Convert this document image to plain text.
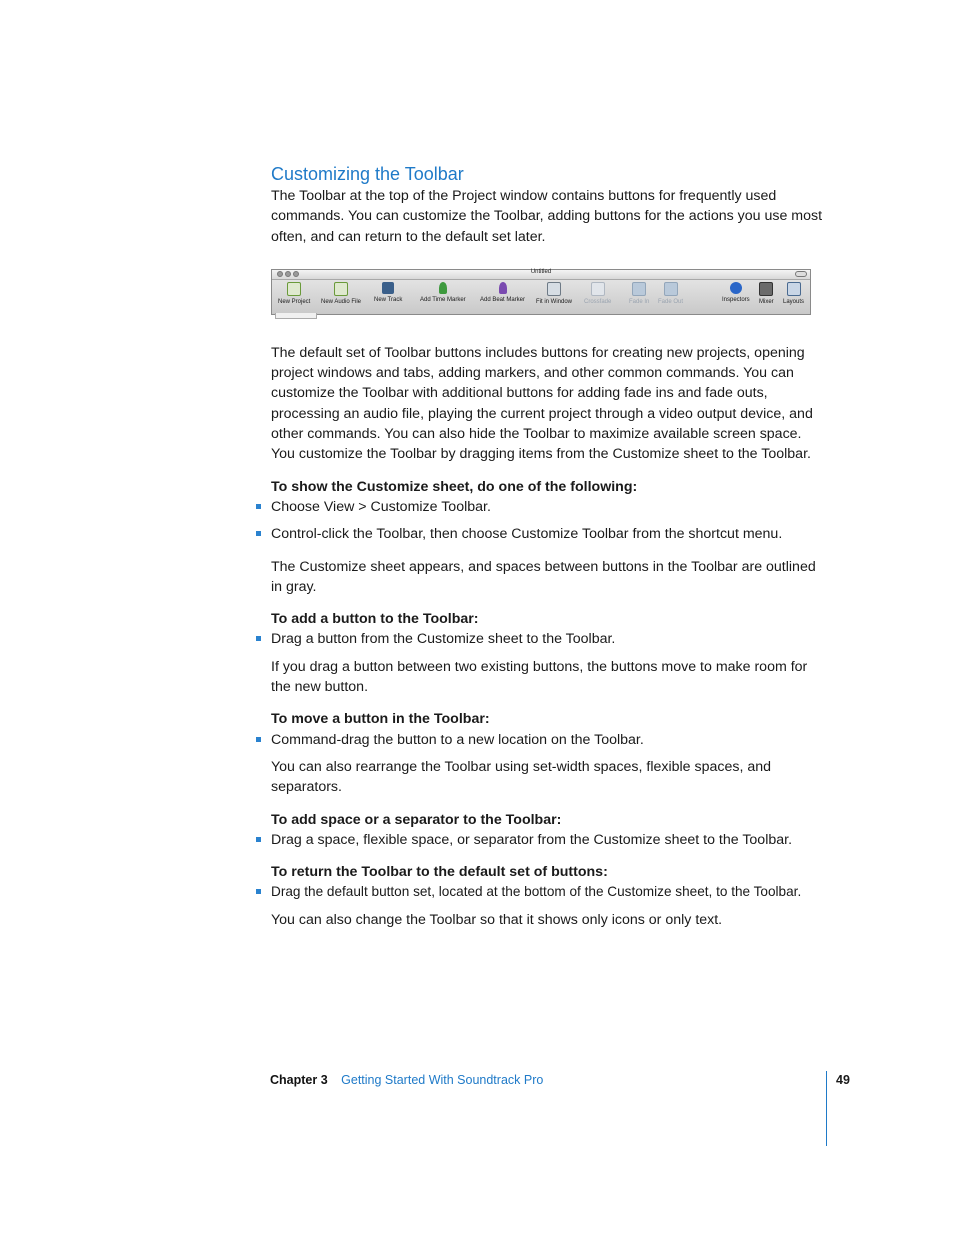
Customizing the Toolbar

The Toolbar at the top of the Project window contains buttons for frequently used commands. You can customize the Toolbar, adding buttons for the actions you use most often, and can return to the default set later.

Untitled
New Project New Audio File New Track	Add Time Marker Add Beat Marker Fit in Window Crossfade	Fade In Fade Out	Inspectors Mixer Layouts

The default set of Toolbar buttons includes buttons for creating new projects, opening project windows and tabs, adding markers, and other common commands. You can customize the Toolbar with additional buttons for adding fade ins and fade outs, processing an audio file, playing the current project through a video output device, and other commands. You can also hide the Toolbar to maximize available screen space. You customize the Toolbar by dragging items from the Customize sheet to the Toolbar.

To show the Customize sheet, do one of the following:

Choose View > Customize Toolbar.

Control-click the Toolbar, then choose Customize Toolbar from the shortcut menu.

The Customize sheet appears, and spaces between buttons in the Toolbar are outlined in gray.

To add a button to the Toolbar:

Drag a button from the Customize sheet to the Toolbar.

If you drag a button between two existing buttons, the buttons move to make room for the new button.

To move a button in the Toolbar:

Command-drag the button to a new location on the Toolbar.

You can also rearrange the Toolbar using set-width spaces, flexible spaces, and separators.

To add space or a separator to the Toolbar:

Drag a space, flexible space, or separator from the Customize sheet to the Toolbar.

To return the Toolbar to the default set of buttons:

Drag the default button set, located at the bottom of the Customize sheet, to the Toolbar.

You can also change the Toolbar so that it shows only icons or only text.

Chapter 3 Getting Started With Soundtrack Pro	49
